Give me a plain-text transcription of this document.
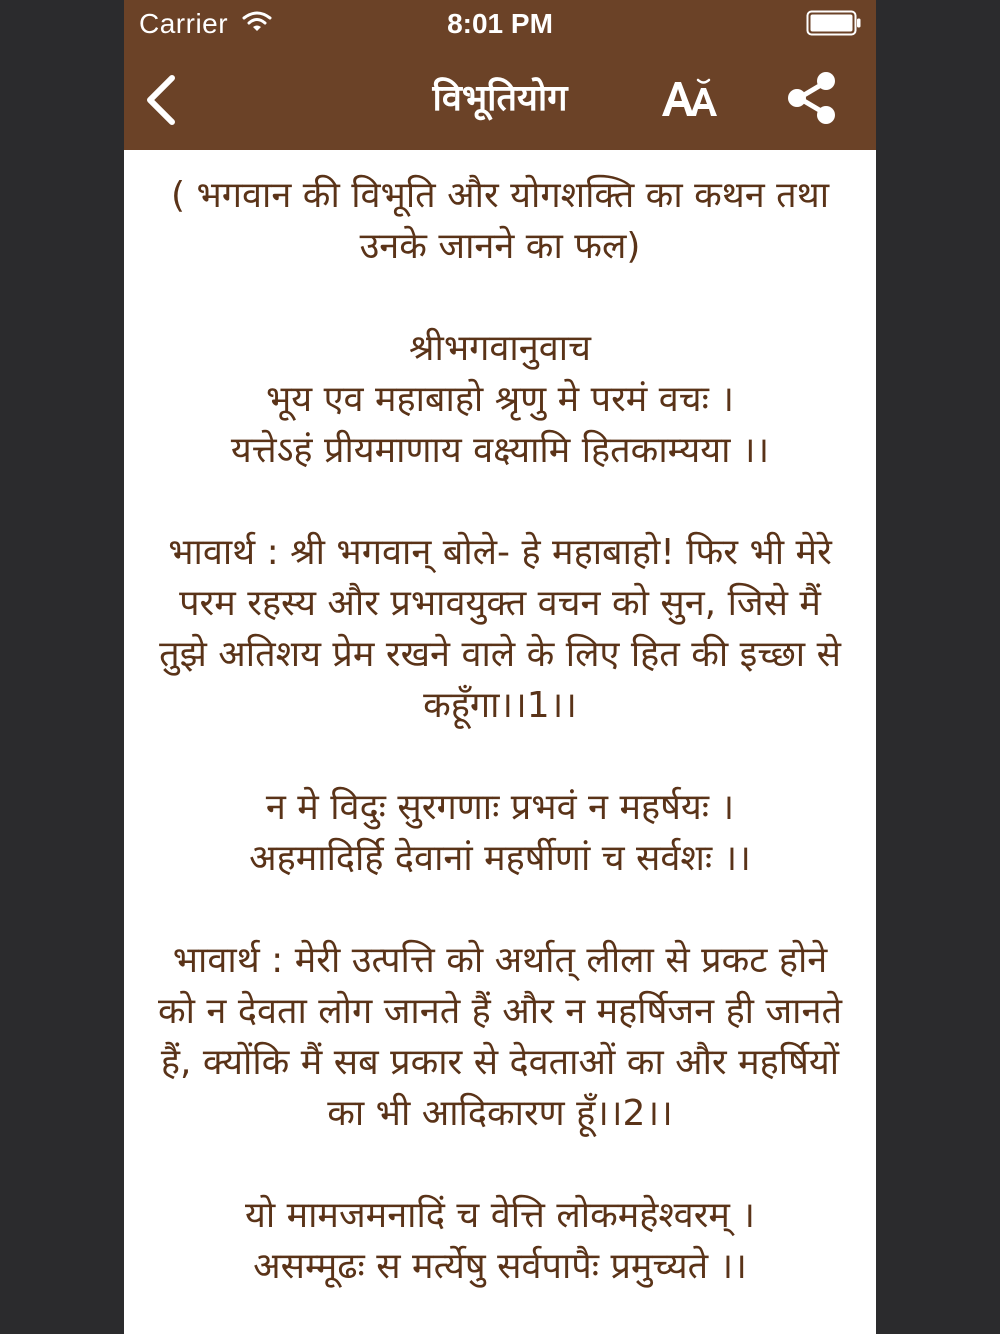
Carrier	8:01 PM
विभूतियोग

( भगवान की विभूति और योगशक्ति का कथन तथा उनके जानने का फल)

श्रीभगवानुवाच
भूय एव महाबाहो श्रृणु मे परमं वचः ।
यत्तेऽहं प्रीयमाणाय वक्ष्यामि हितकाम्यया ।।

भावार्थ : श्री भगवान् बोले- हे महाबाहो! फिर भी मेरे परम रहस्य और प्रभावयुक्त वचन को सुन, जिसे मैं तुझे अतिशय प्रेम रखने वाले के लिए हित की इच्छा से कहूँगा।।1।।

न मे विदुः सुरगणाः प्रभवं न महर्षयः ।
अहमादिर्हि देवानां महर्षीणां च सर्वशः ।।

भावार्थ : मेरी उत्पत्ति को अर्थात् लीला से प्रकट होने को न देवता लोग जानते हैं और न महर्षिजन ही जानते हैं, क्योंकि मैं सब प्रकार से देवताओं का और महर्षियों का भी आदिकारण हूँ।।2।।

यो मामजमनादिं च वेत्ति लोकमहेश्वरम् ।
असम्मूढः स मर्त्येषु सर्वपापैः प्रमुच्यते ।।
